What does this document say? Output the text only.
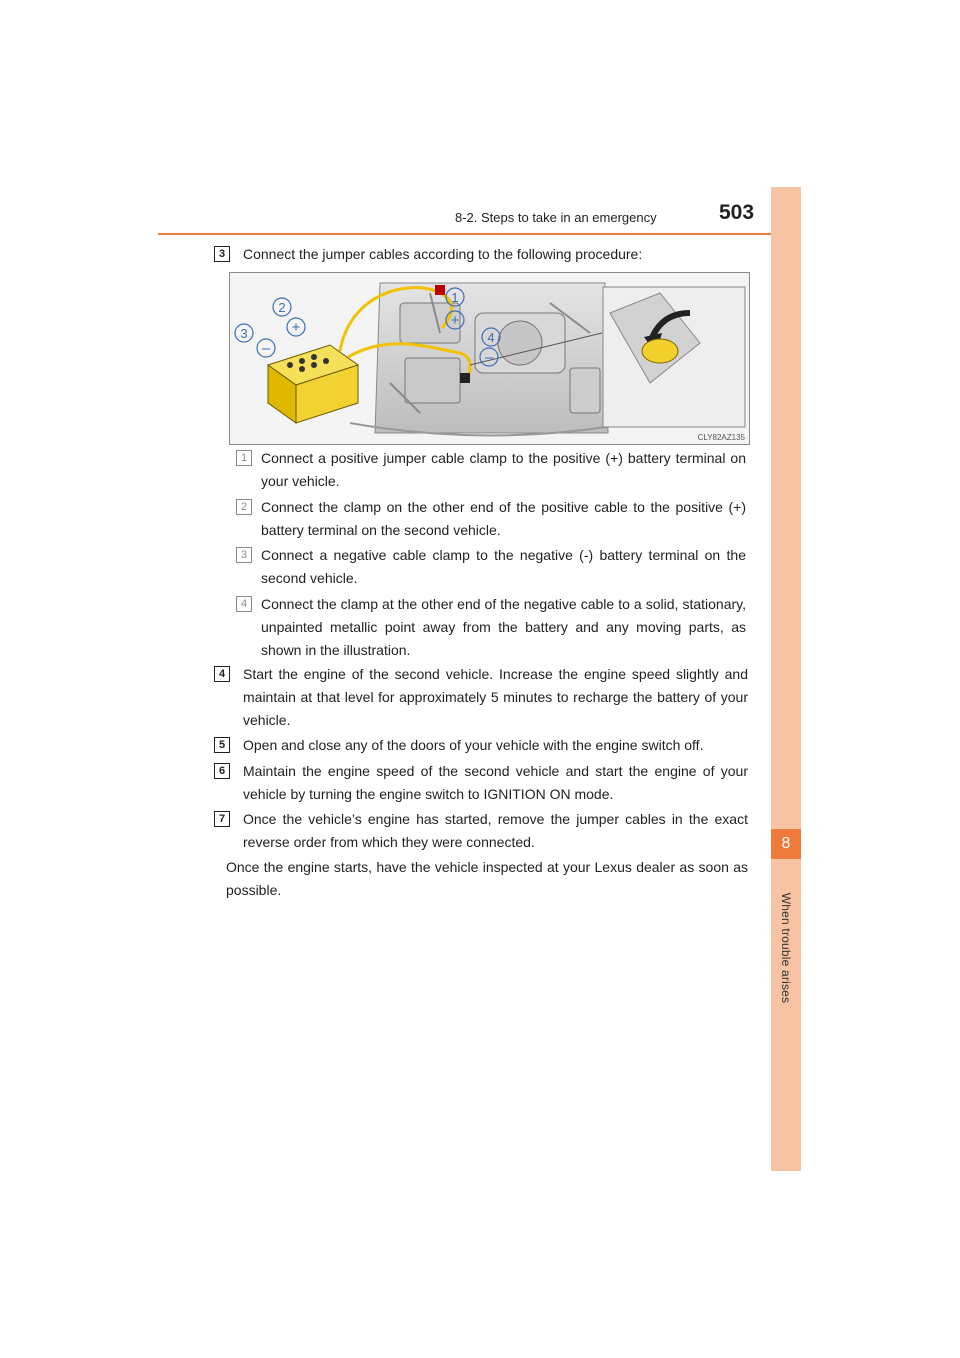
8-2. Steps to take in an emergency	503
8
When trouble arises
3	Connect the jumper cables according to the following procedure:
1
2
3	4
+
–
+
–
CLY82AZ135
1 Connect a positive jumper cable clamp to the positive (+) battery terminal on your vehicle.
2 Connect the clamp on the other end of the positive cable to the positive (+) battery terminal on the second vehicle.
3 Connect a negative cable clamp to the negative (-) battery terminal on the second vehicle.
4 Connect the clamp at the other end of the negative cable to a solid, stationary, unpainted metallic point away from the battery and any moving parts, as shown in the illustration.
4	Start the engine of the second vehicle. Increase the engine speed slightly and maintain at that level for approximately 5 minutes to recharge the battery of your vehicle.
5	Open and close any of the doors of your vehicle with the engine switch off.
6	Maintain the engine speed of the second vehicle and start the engine of your vehicle by turning the engine switch to IGNITION ON mode.
7	Once the vehicle’s engine has started, remove the jumper cables in the exact reverse order from which they were connected.
Once the engine starts, have the vehicle inspected at your Lexus dealer as soon as possible.
